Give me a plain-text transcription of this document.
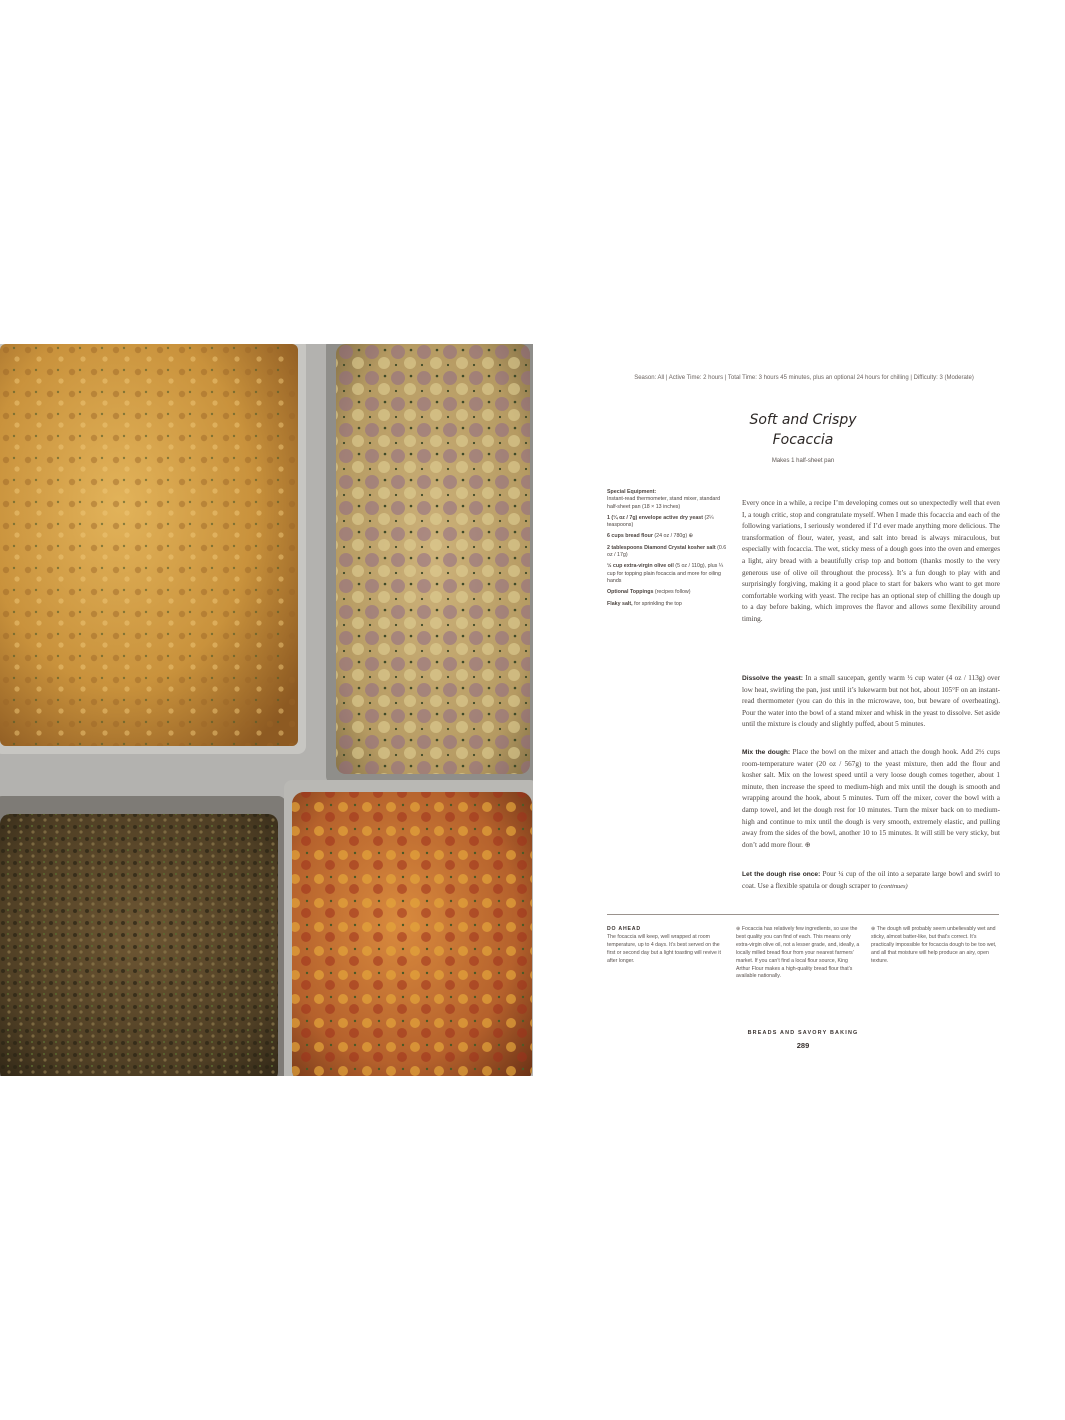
Season: All | Active Time: 2 hours | Total Time: 3 hours 45 minutes, plus an optional 24 hours for chilling | Difficulty: 3 (Moderate)
Soft and Crispy
Focaccia
Makes 1 half-sheet pan
Special Equipment:
Instant-read thermometer, stand mixer, standard half-sheet pan (18 × 13 inches)
1 (¼ oz / 7g) envelope active dry yeast (2¼ teaspoons)
6 cups bread flour (24 oz / 780g) ⊕
2 tablespoons Diamond Crystal kosher salt (0.6 oz / 17g)
½ cup extra-virgin olive oil (5 oz / 110g), plus ¼ cup for topping plain focaccia and more for oiling hands
Optional Toppings (recipes follow)
Flaky salt, for sprinkling the top
Every once in a while, a recipe I’m developing comes out so unexpectedly well that even I, a tough critic, stop and congratulate myself. When I made this focaccia and each of the following variations, I seriously wondered if I’d ever made anything more delicious. The transformation of flour, water, yeast, and salt into bread is always miraculous, but especially with focaccia. The wet, sticky mess of a dough goes into the oven and emerges a light, airy bread with a beautifully crisp top and bottom (thanks mostly to the very generous use of olive oil throughout the process). It’s a fun dough to play with and surprisingly forgiving, making it a good place to start for bakers who want to get more comfortable working with yeast. The recipe has an optional step of chilling the dough up to a day before baking, which improves the flavor and allows some flexibility around timing.
Dissolve the yeast: In a small saucepan, gently warm ½ cup water (4 oz / 113g) over low heat, swirling the pan, just until it’s lukewarm but not hot, about 105°F on an instant-read thermometer (you can do this in the microwave, too, but beware of overheating). Pour the water into the bowl of a stand mixer and whisk in the yeast to dissolve. Set aside until the mixture is cloudy and slightly puffed, about 5 minutes.
Mix the dough: Place the bowl on the mixer and attach the dough hook. Add 2½ cups room-temperature water (20 oz / 567g) to the yeast mixture, then add the flour and kosher salt. Mix on the lowest speed until a very loose dough comes together, about 1 minute, then increase the speed to medium-high and mix until the dough is smooth and wrapping around the hook, about 5 minutes. Turn off the mixer, cover the bowl with a damp towel, and let the dough rest for 10 minutes. Turn the mixer back on to medium-high and continue to mix until the dough is very smooth, extremely elastic, and pulling away from the sides of the bowl, another 10 to 15 minutes. It will still be very sticky, but don’t add more flour. ⊕
Let the dough rise once: Pour ¼ cup of the oil into a separate large bowl and swirl to coat. Use a flexible spatula or dough scraper to (continues)
DO AHEAD
The focaccia will keep, well wrapped at room temperature, up to 4 days. It’s best served on the first or second day but a light toasting will revive it after longer.
⊕ Focaccia has relatively few ingredients, so use the best quality you can find of each. This means only extra-virgin olive oil, not a lesser grade, and, ideally, a locally milled bread flour from your nearest farmers’ market. If you can’t find a local flour source, King Arthur Flour makes a high-quality bread flour that’s available nationally.
⊕ The dough will probably seem unbelievably wet and sticky, almost batter-like, but that’s correct. It’s practically impossible for focaccia dough to be too wet, and all that moisture will help produce an airy, open texture.
BREADS AND SAVORY BAKING
289
